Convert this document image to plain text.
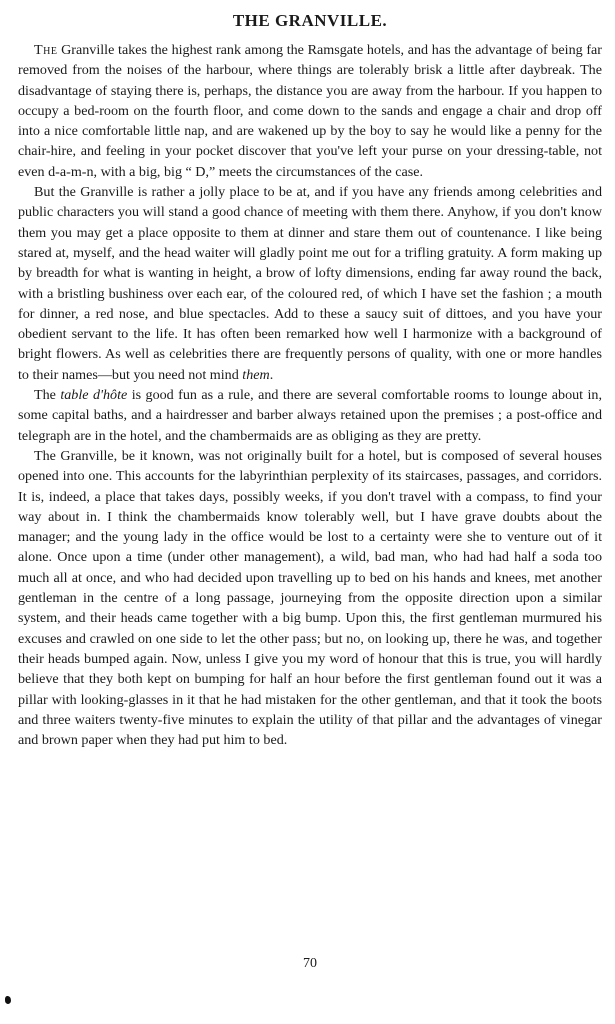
THE GRANVILLE.

The Granville takes the highest rank among the Ramsgate hotels, and has the advantage of being far removed from the noises of the harbour, where things are tolerably brisk a little after daybreak. The disadvantage of staying there is, perhaps, the distance you are away from the harbour. If you happen to occupy a bed-room on the fourth floor, and come down to the sands and engage a chair and drop off into a nice comfortable little nap, and are wakened up by the boy to say he would like a penny for the chair-hire, and feeling in your pocket discover that you've left your purse on your dressing-table, not even d-a-m-n, with a big, big “ D,” meets the circumstances of the case.

But the Granville is rather a jolly place to be at, and if you have any friends among celebrities and public characters you will stand a good chance of meeting with them there. Anyhow, if you don't know them you may get a place opposite to them at dinner and stare them out of countenance. I like being stared at, myself, and the head waiter will gladly point me out for a trifling gratuity. A form making up by breadth for what is wanting in height, a brow of lofty dimensions, ending far away round the back, with a bristling bushiness over each ear, of the coloured red, of which I have set the fashion ; a mouth for dinner, a red nose, and blue spectacles. Add to these a saucy suit of dittoes, and you have your obedient servant to the life. It has often been remarked how well I harmonize with a background of bright flowers. As well as celebrities there are frequently persons of quality, with one or more handles to their names—but you need not mind them.

The table d'hôte is good fun as a rule, and there are several comfortable rooms to lounge about in, some capital baths, and a hairdresser and barber always retained upon the premises ; a post-office and telegraph are in the hotel, and the chambermaids are as obliging as they are pretty.

The Granville, be it known, was not originally built for a hotel, but is composed of several houses opened into one. This accounts for the labyrinthian perplexity of its staircases, passages, and corridors. It is, indeed, a place that takes days, possibly weeks, if you don't travel with a compass, to find your way about in. I think the chambermaids know tolerably well, but I have grave doubts about the manager; and the young lady in the office would be lost to a certainty were she to venture out of it alone. Once upon a time (under other management), a wild, bad man, who had had half a soda too much all at once, and who had decided upon travelling up to bed on his hands and knees, met another gentleman in the centre of a long passage, journeying from the opposite direction upon a similar system, and their heads came together with a big bump. Upon this, the first gentleman murmured his excuses and crawled on one side to let the other pass; but no, on looking up, there he was, and together their heads bumped again. Now, unless I give you my word of honour that this is true, you will hardly believe that they both kept on bumping for half an hour before the first gentleman found out it was a pillar with looking-glasses in it that he had mistaken for the other gentleman, and that it took the boots and three waiters twenty-five minutes to explain the utility of that pillar and the advantages of vinegar and brown paper when they had put him to bed.

70
